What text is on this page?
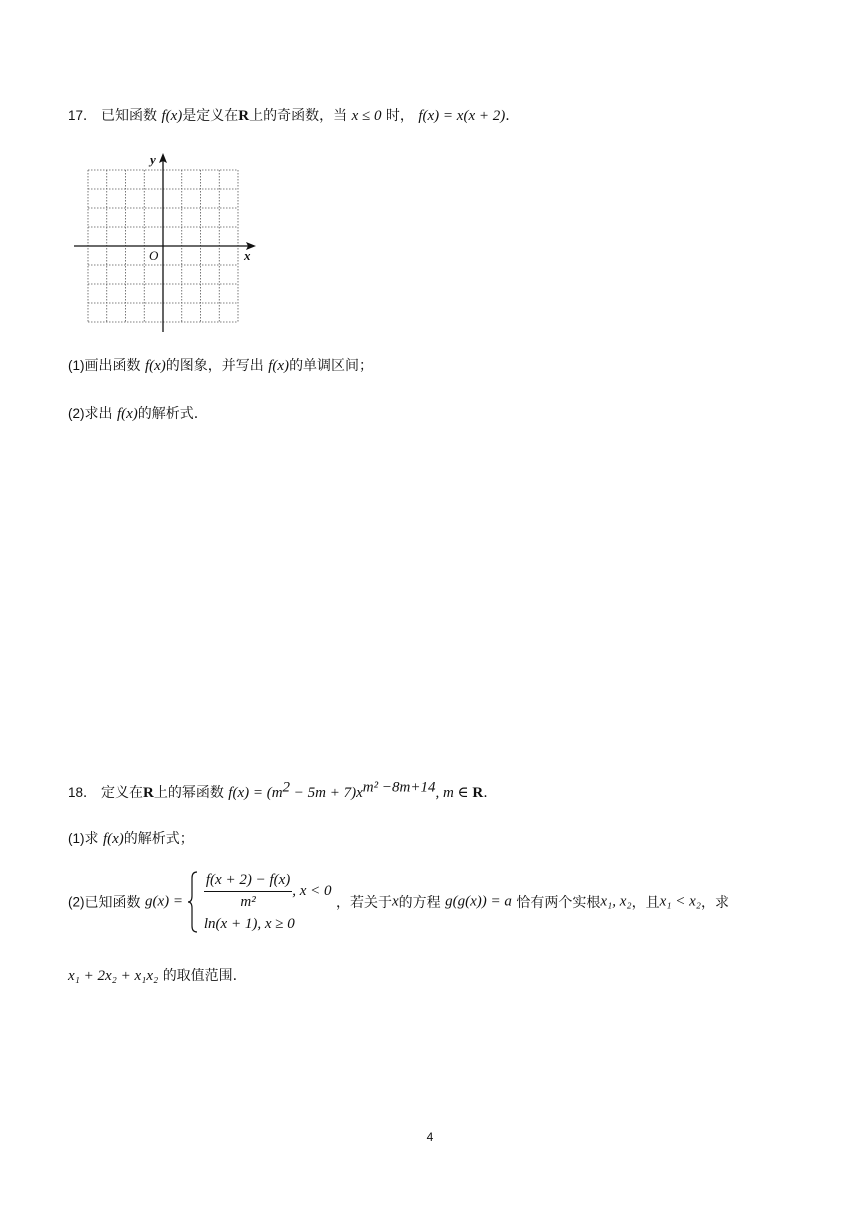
17． 已知函数 f(x)是定义在R上的奇函数，当 x ≤ 0 时， f(x) = x(x + 2).
y
x
O
(1)画出函数 f(x)的图象，并写出 f(x)的单调区间；
(2)求出 f(x)的解析式.
18． 定义在R上的幂函数 $f(x) = (m^2 - 5m + 7)x^{m^2 -8m+14}$, m ∈ R.
(1)求 f(x)的解析式；
(2)已知函数 $g(x) = \frac{f(x + 2) - f(x)}{\text{m²}}$ , x < 0
ln(x + 1), x ≥ 0
，若关于x的方程 g(g(x)) = a 恰有两个实根x₁, x₂，且x₁ < x₂，求
x₁ + 2x₂ + x₁x₂ 的取值范围.
4
